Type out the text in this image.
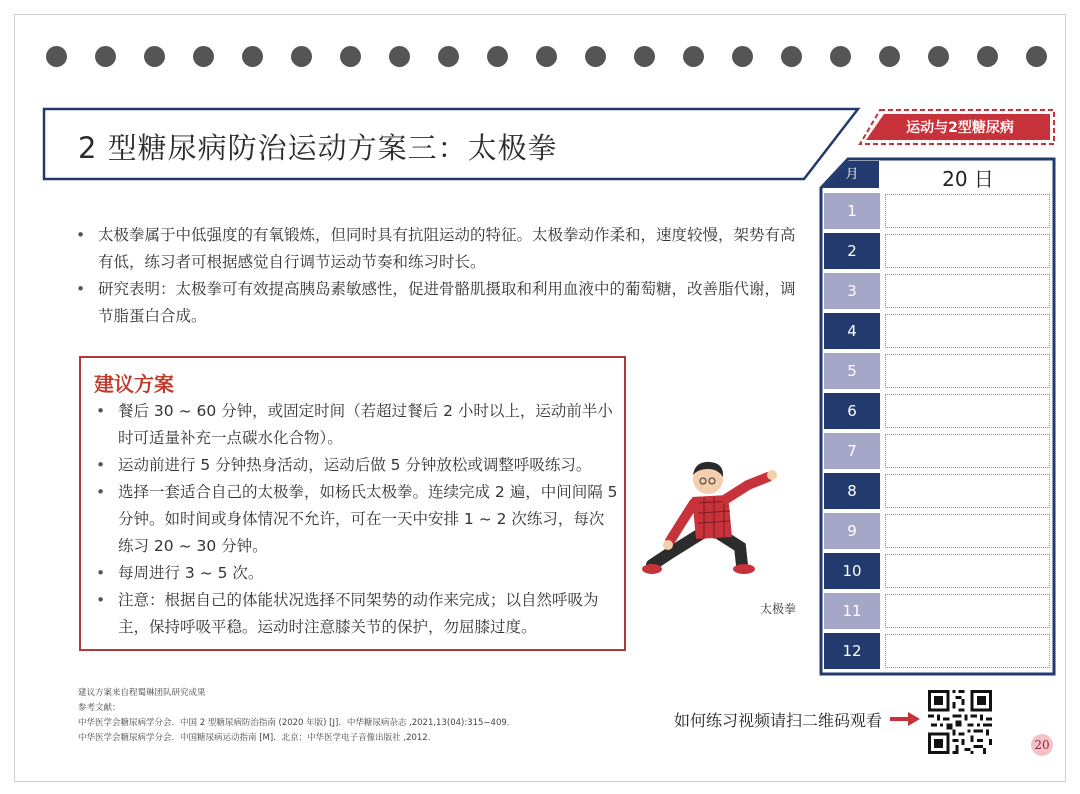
2 型糖尿病防治运动方案三：太极拳
运动与2型糖尿病
• 太极拳属于中低强度的有氧锻炼，但同时具有抗阻运动的特征。太极拳动作柔和，速度较慢，架势有高有低，练习者可根据感觉自行调节运动节奏和练习时长。
• 研究表明：太极拳可有效提高胰岛素敏感性，促进骨骼肌摄取和利用血液中的葡萄糖，改善脂代谢，调节脂蛋白合成。
建议方案
• 餐后 30 ~ 60 分钟，或固定时间（若超过餐后 2 小时以上，运动前半小时可适量补充一点碳水化合物）。
• 运动前进行 5 分钟热身活动，运动后做 5 分钟放松或调整呼吸练习。
• 选择一套适合自己的太极拳，如杨氏太极拳。连续完成 2 遍，中间间隔 5 分钟。如时间或身体情况不允许，可在一天中安排 1 ~ 2 次练习，每次练习 20 ~ 30 分钟。
• 每周进行 3 ~ 5 次。
• 注意：根据自己的体能状况选择不同架势的动作来完成；以自然呼吸为主，保持呼吸平稳。运动时注意膝关节的保护，勿屈膝过度。
太极拳
建议方案来自程蜀琳团队研究成果
参考文献：
中华医学会糖尿病学分会．中国 2 型糖尿病防治指南 (2020 年版) [J]．中华糖尿病杂志 ,2021,13(04):315−409.
中华医学会糖尿病学分会．中国糖尿病运动指南 [M]．北京：中华医学电子音像出版社 ,2012.
如何练习视频请扫二维码观看
20
月	20 日
1
2
3
4
5
6
7
8
9
10
11
12
